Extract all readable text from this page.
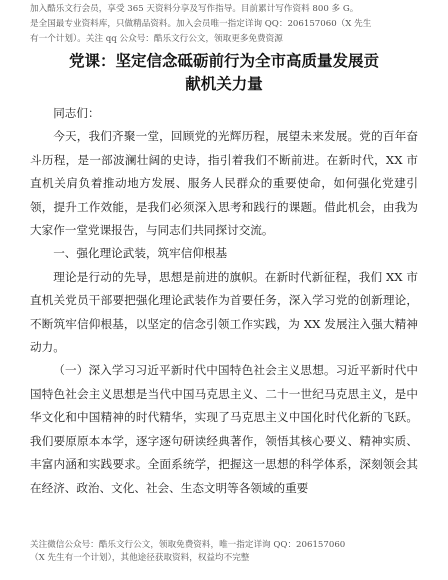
加入酷乐文行会员，享受 365 天资料分享及写作指导。目前累计写作资料 800 多 G。
是全国最专业资料库，只做精品资料。加入会员唯一指定详询 QQ：206157060（X 先生
有一个计划）。关注 qq 公众号：酷乐文行公文，领取更多免费资源
党课：坚定信念砥砺前行为全市高质量发展贡
献机关力量

同志们：

今天，我们齐聚一堂，回顾党的光辉历程，展望未来发展。党的百年奋斗历程，是一部波澜壮阔的史诗，指引着我们不断前进。在新时代，XX 市直机关肩负着推动地方发展、服务人民群众的重要使命，如何强化党建引领，提升工作效能，是我们必须深入思考和践行的课题。借此机会，由我为大家作一堂党课报告，与同志们共同探讨交流。

一、强化理论武装，筑牢信仰根基

理论是行动的先导，思想是前进的旗帜。在新时代新征程，我们 XX 市直机关党员干部要把强化理论武装作为首要任务，深入学习党的创新理论，不断筑牢信仰根基，以坚定的信念引领工作实践，为 XX 发展注入强大精神动力。

（一）深入学习习近平新时代中国特色社会主义思想。习近平新时代中国特色社会主义思想是当代中国马克思主义、二十一世纪马克思主义，是中华文化和中国精神的时代精华，实现了马克思主义中国化时代化新的飞跃。我们要原原本本学，逐字逐句研读经典著作，领悟其核心要义、精神实质、丰富内涵和实践要求。全面系统学，把握这一思想的科学体系，深刻领会其在经济、政治、文化、社会、生态文明等各领域的重要

关注微信公众号：酷乐文行公文，领取免费资料，唯一指定详询 QQ：206157060
（X 先生有一个计划），其他途径获取资料，权益均不完整
